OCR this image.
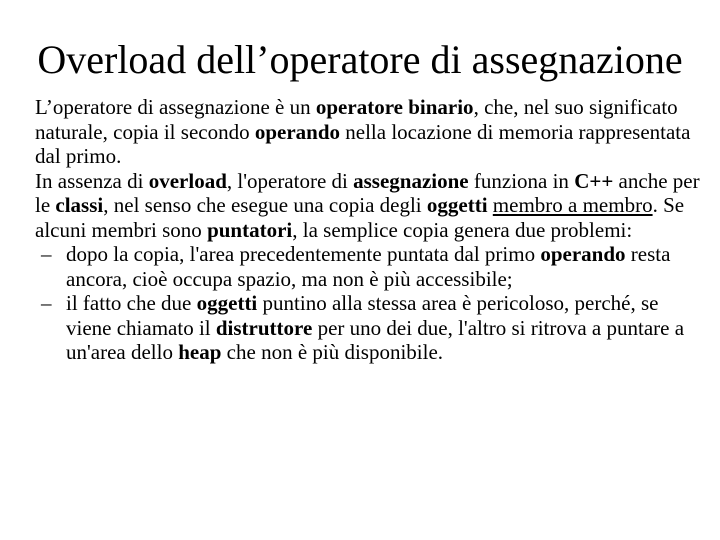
Overload dell’operatore di assegnazione

L’operatore di assegnazione è un operatore binario, che, nel suo significato naturale, copia il secondo operando nella locazione di memoria rappresentata dal primo.

In assenza di overload, l'operatore di assegnazione funziona in C++ anche per le classi, nel senso che esegue una copia degli oggetti membro a membro. Se alcuni membri sono puntatori, la semplice copia genera due problemi:

– dopo la copia, l'area precedentemente puntata dal primo operando resta ancora, cioè occupa spazio, ma non è più accessibile;

– il fatto che due oggetti puntino alla stessa area è pericoloso, perché, se viene chiamato il distruttore per uno dei due, l'altro si ritrova a puntare a un'area dello heap che non è più disponibile.
